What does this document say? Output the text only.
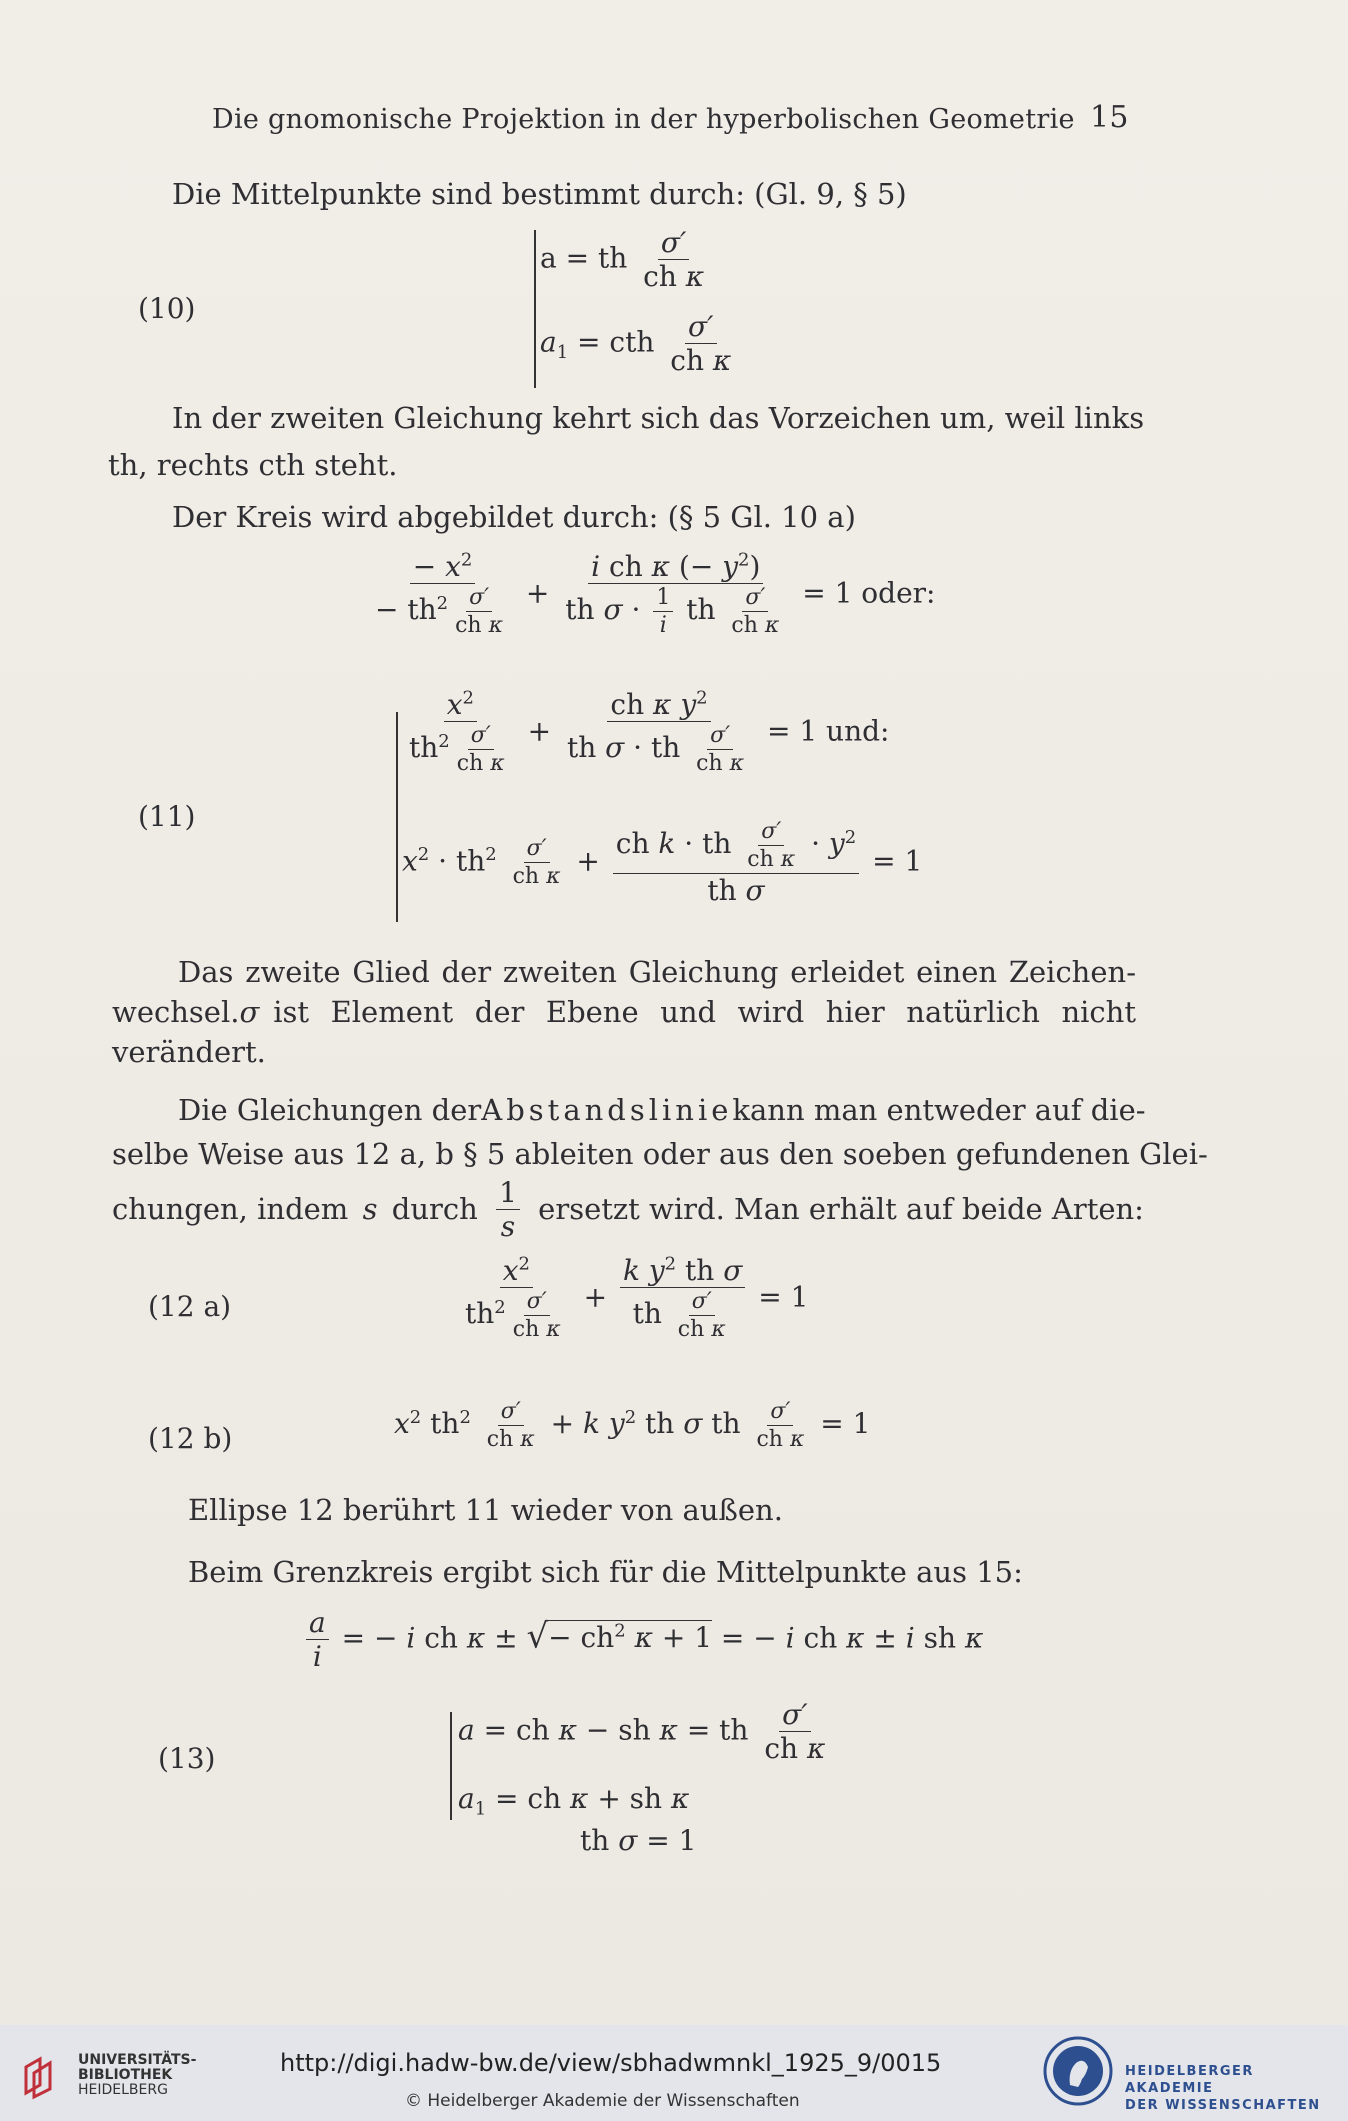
Die gnomonische Projektion in der hyperbolischen Geometrie 15
Die Mittelpunkte sind bestimmt durch: (Gl. 9, § 5)
(10)
a = th $\frac{\sigma'}{\text{ch κ}}$
$a_1$ = cth $\frac{\sigma'}{\text{ch κ}}$
In der zweiten Gleichung kehrt sich das Vorzeichen um, weil links
th, rechts cth steht.
Der Kreis wird abgebildet durch: (§ 5 Gl. 10 a)
$\frac{- x^2}{- th^2 \frac{\sigma'}{\text{ch κ}}} + \frac{i ch \kappa (- y^2)}{th \sigma \cdot \frac{1}{i} th \frac{\sigma'}{\text{ch κ}}} = 1$ oder:
(11)
$\frac{x^2}{th^2 \frac{\sigma'}{\text{ch κ}}} + \frac{ch \kappa y^2}{th \sigma \cdot th \frac{\sigma'}{\text{ch κ}}} = 1$ und:
$x^2 \cdot th^2 \frac{\sigma'}{\text{ch κ}} + \frac{ch k \cdot th \frac{\sigma'}{\text{ch κ}} \cdot y^2}{\text{th σ}} = 1$
Das zweite Glied der zweiten Gleichung erleidet einen Zeichen-
wechsel. σ ist Element der Ebene und wird hier natürlich nicht
verändert.
Die Gleichungen der Abstandslinie kann man entweder auf die-
selbe Weise aus 12 a, b § 5 ableiten oder aus den soeben gefundenen Glei-
chungen, indem s durch $\frac{1}{s}$ ersetzt wird. Man erhält auf beide Arten:
(12 a)	$\frac{x^2}{th^2 \frac{\sigma'}{\text{ch κ}}} + \frac{k y^2 th \sigma}{th \frac{\sigma'}{\text{ch κ}}} = 1$
(12 b)	$x^2$ $th^2 \frac{\sigma'}{\text{ch κ}} + k$ $y^2$ th σ th $\frac{\sigma'}{\text{ch κ}} = 1$
Ellipse 12 berührt 11 wieder von außen.
Beim Grenzkreis ergibt sich für die Mittelpunkte aus 15:
$\frac{a}{i}$ = − i ch κ ± √− $ch^2$ κ + 1 = − i ch κ ± i sh κ
(13)
a = ch κ − sh κ = th $\frac{\sigma'}{\text{ch κ}}$
$a_1$ = ch κ + sh κ
th σ = 1
UNIVERSITÄTS-
BIBLIOTHEK
HEIDELBERG
http://digi.hadw-bw.de/view/sbhadwmnkl_1925_9/0015
© Heidelberger Akademie der Wissenschaften
HEIDELBERGER AKADEMIE
DER WISSENSCHAFTEN
